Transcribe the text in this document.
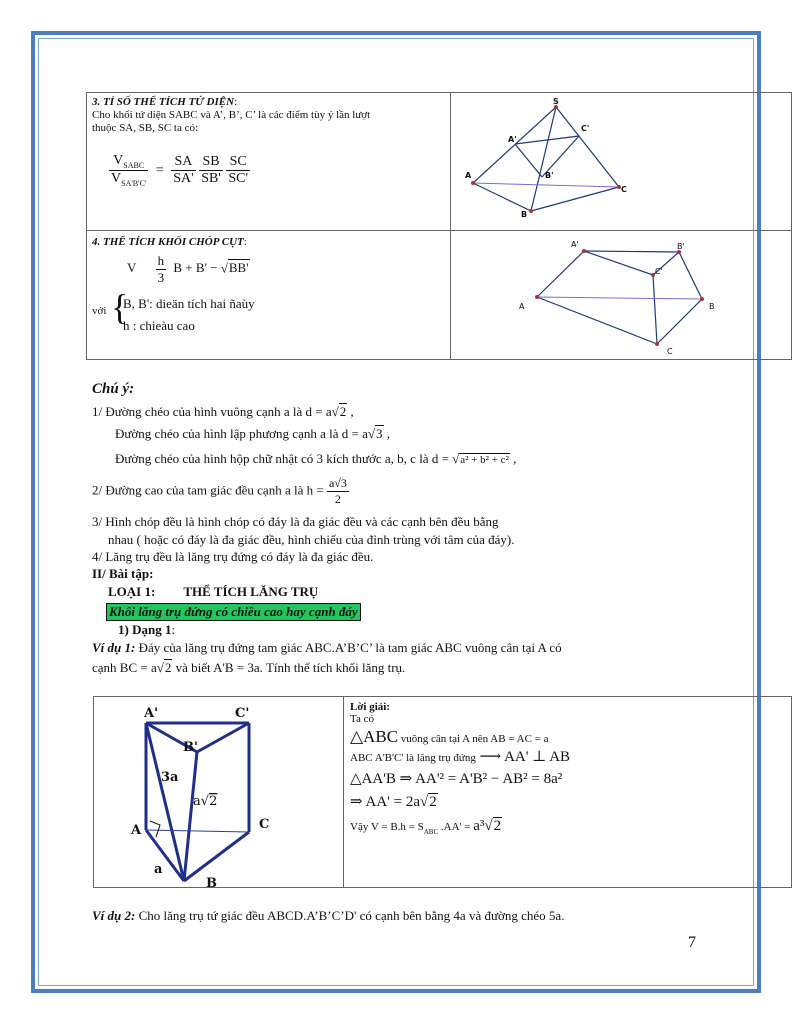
3. TỈ SỐ THỂ TÍCH TỨ DIỆN:
Cho khối tứ diện SABC và A’, B’, C’ là các điểm tùy ý lần lượt
thuộc SA, SB, SC ta có:
$\frac{V_{SABC}}{V_{SA'B'C'}} = \frac{SA}{SA'}$
$\frac{SB}{SB'}$
$\frac{SC}{SC'}$
S
A'
C'
A	B'
C
B
4. THỂ TÍCH KHỐI CHÓP CỤT:
V $\frac{h}{3}$ B + B' − √BB'
với {
B, B': dieän tích hai ñaùy
h : chieàu cao
A'	B'
C'
A	B
C
Chú ý:
1/ Đường chéo của hình vuông cạnh a là d = a√2 ,
Đường chéo của hình lập phương cạnh a là d = a√3 ,
Đường chéo của hình hộp chữ nhật có 3 kích thước a, b, c là d = √a² + b² + c² ,
2/ Đường cao của tam giác đều cạnh a là $h = \frac{a√3}{2}$
3/ Hình chóp đều là hình chóp có đáy là đa giác đều và các cạnh bên đều bằng
nhau ( hoặc có đáy là đa giác đều, hình chiếu của đỉnh trùng với tâm của đáy).
4/ Lăng trụ đều là lăng trụ đứng có đáy là đa giác đều.
II/ Bài tập:
LOẠI 1: THỂ TÍCH LĂNG TRỤ
Khối lăng trụ đứng có chiều cao hay cạnh đáy
1) Dạng 1:
Ví dụ 1: Đáy của lăng trụ đứng tam giác ABC.A’B’C’ là tam giác ABC vuông cân tại A có
cạnh BC = a√2 và biết A'B = 3a. Tính thể tích khối lăng trụ.
A'	C'
B'
3a
C
A
a
B
a√2
Lời giải:
Ta có
△ABC vuông cân tại A nên AB = AC = a
ABC A'B'C' là lăng trụ đứng ⟶ AA' ⊥ AB
△AA'B ⇒ AA'² = A'B² − AB² = 8a²
⇒ AA' = 2a√2
Vậy $V = B.h = S_{ABC}$ .AA' = a³√2
Ví dụ 2: Cho lăng trụ tứ giác đều ABCD.A’B’C’D' có cạnh bên bằng 4a và đường chéo 5a.
7
